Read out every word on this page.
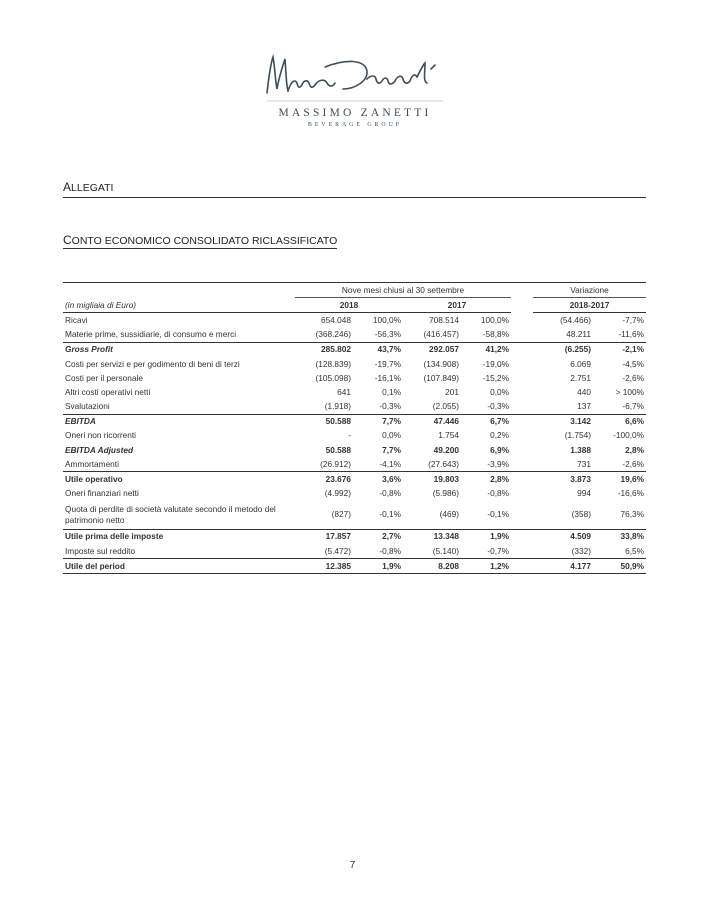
MASSIMO ZANETTI
BEVERAGE GROUP
ALLEGATI
CONTO ECONOMICO CONSOLIDATO RICLASSIFICATO
	Nove mesi chiusi al 30 settembre					Variazione	
(in migliaia di Euro)	2018		2017			2018-2017	
Ricavi	654.048	100,0%	708.514	100,0%		(54.466)	-7,7%
Materie prime, sussidiarie, di consumo e merci	(368.246)	-56,3%	(416.457)	-58,8%		48.211	-11,6%
Gross Profit	285.802	43,7%	292.057	41,2%		(6.255)	-2,1%
Costi per servizi e per godimento di beni di terzi	(128.839)	-19,7%	(134.908)	-19,0%		6.069	-4,5%
Costi per il personale	(105.098)	-16,1%	(107.849)	-15,2%		2.751	-2,6%
Altri costi operativi netti	641	0,1%	201	0,0%		440	> 100%
Svalutazioni	(1.918)	-0,3%	(2.055)	-0,3%		137	-6,7%
EBITDA	50.588	7,7%	47.446	6,7%		3.142	6,6%
Oneri non ricorrenti	-	0,0%	1.754	0,2%		(1.754)	-100,0%
EBITDA Adjusted	50.588	7,7%	49.200	6,9%		1.388	2,8%
Ammortamenti	(26.912)	-4,1%	(27.643)	-3,9%		731	-2,6%
Utile operativo	23.676	3,6%	19.803	2,8%		3.873	19,6%
Oneri finanziari netti	(4.992)	-0,8%	(5.986)	-0,8%		994	-16,6%
Quota di perdite di società valutate secondo il metodo del patrimonio netto	(827)	-0,1%	(469)	-0,1%		(358)	76,3%
Utile prima delle imposte	17.857	2,7%	13.348	1,9%		4.509	33,8%
Imposte sul reddito	(5.472)	-0,8%	(5.140)	-0,7%		(332)	6,5%
Utile del period	12.385	1,9%	8.208	1,2%		4.177	50,9%
7
